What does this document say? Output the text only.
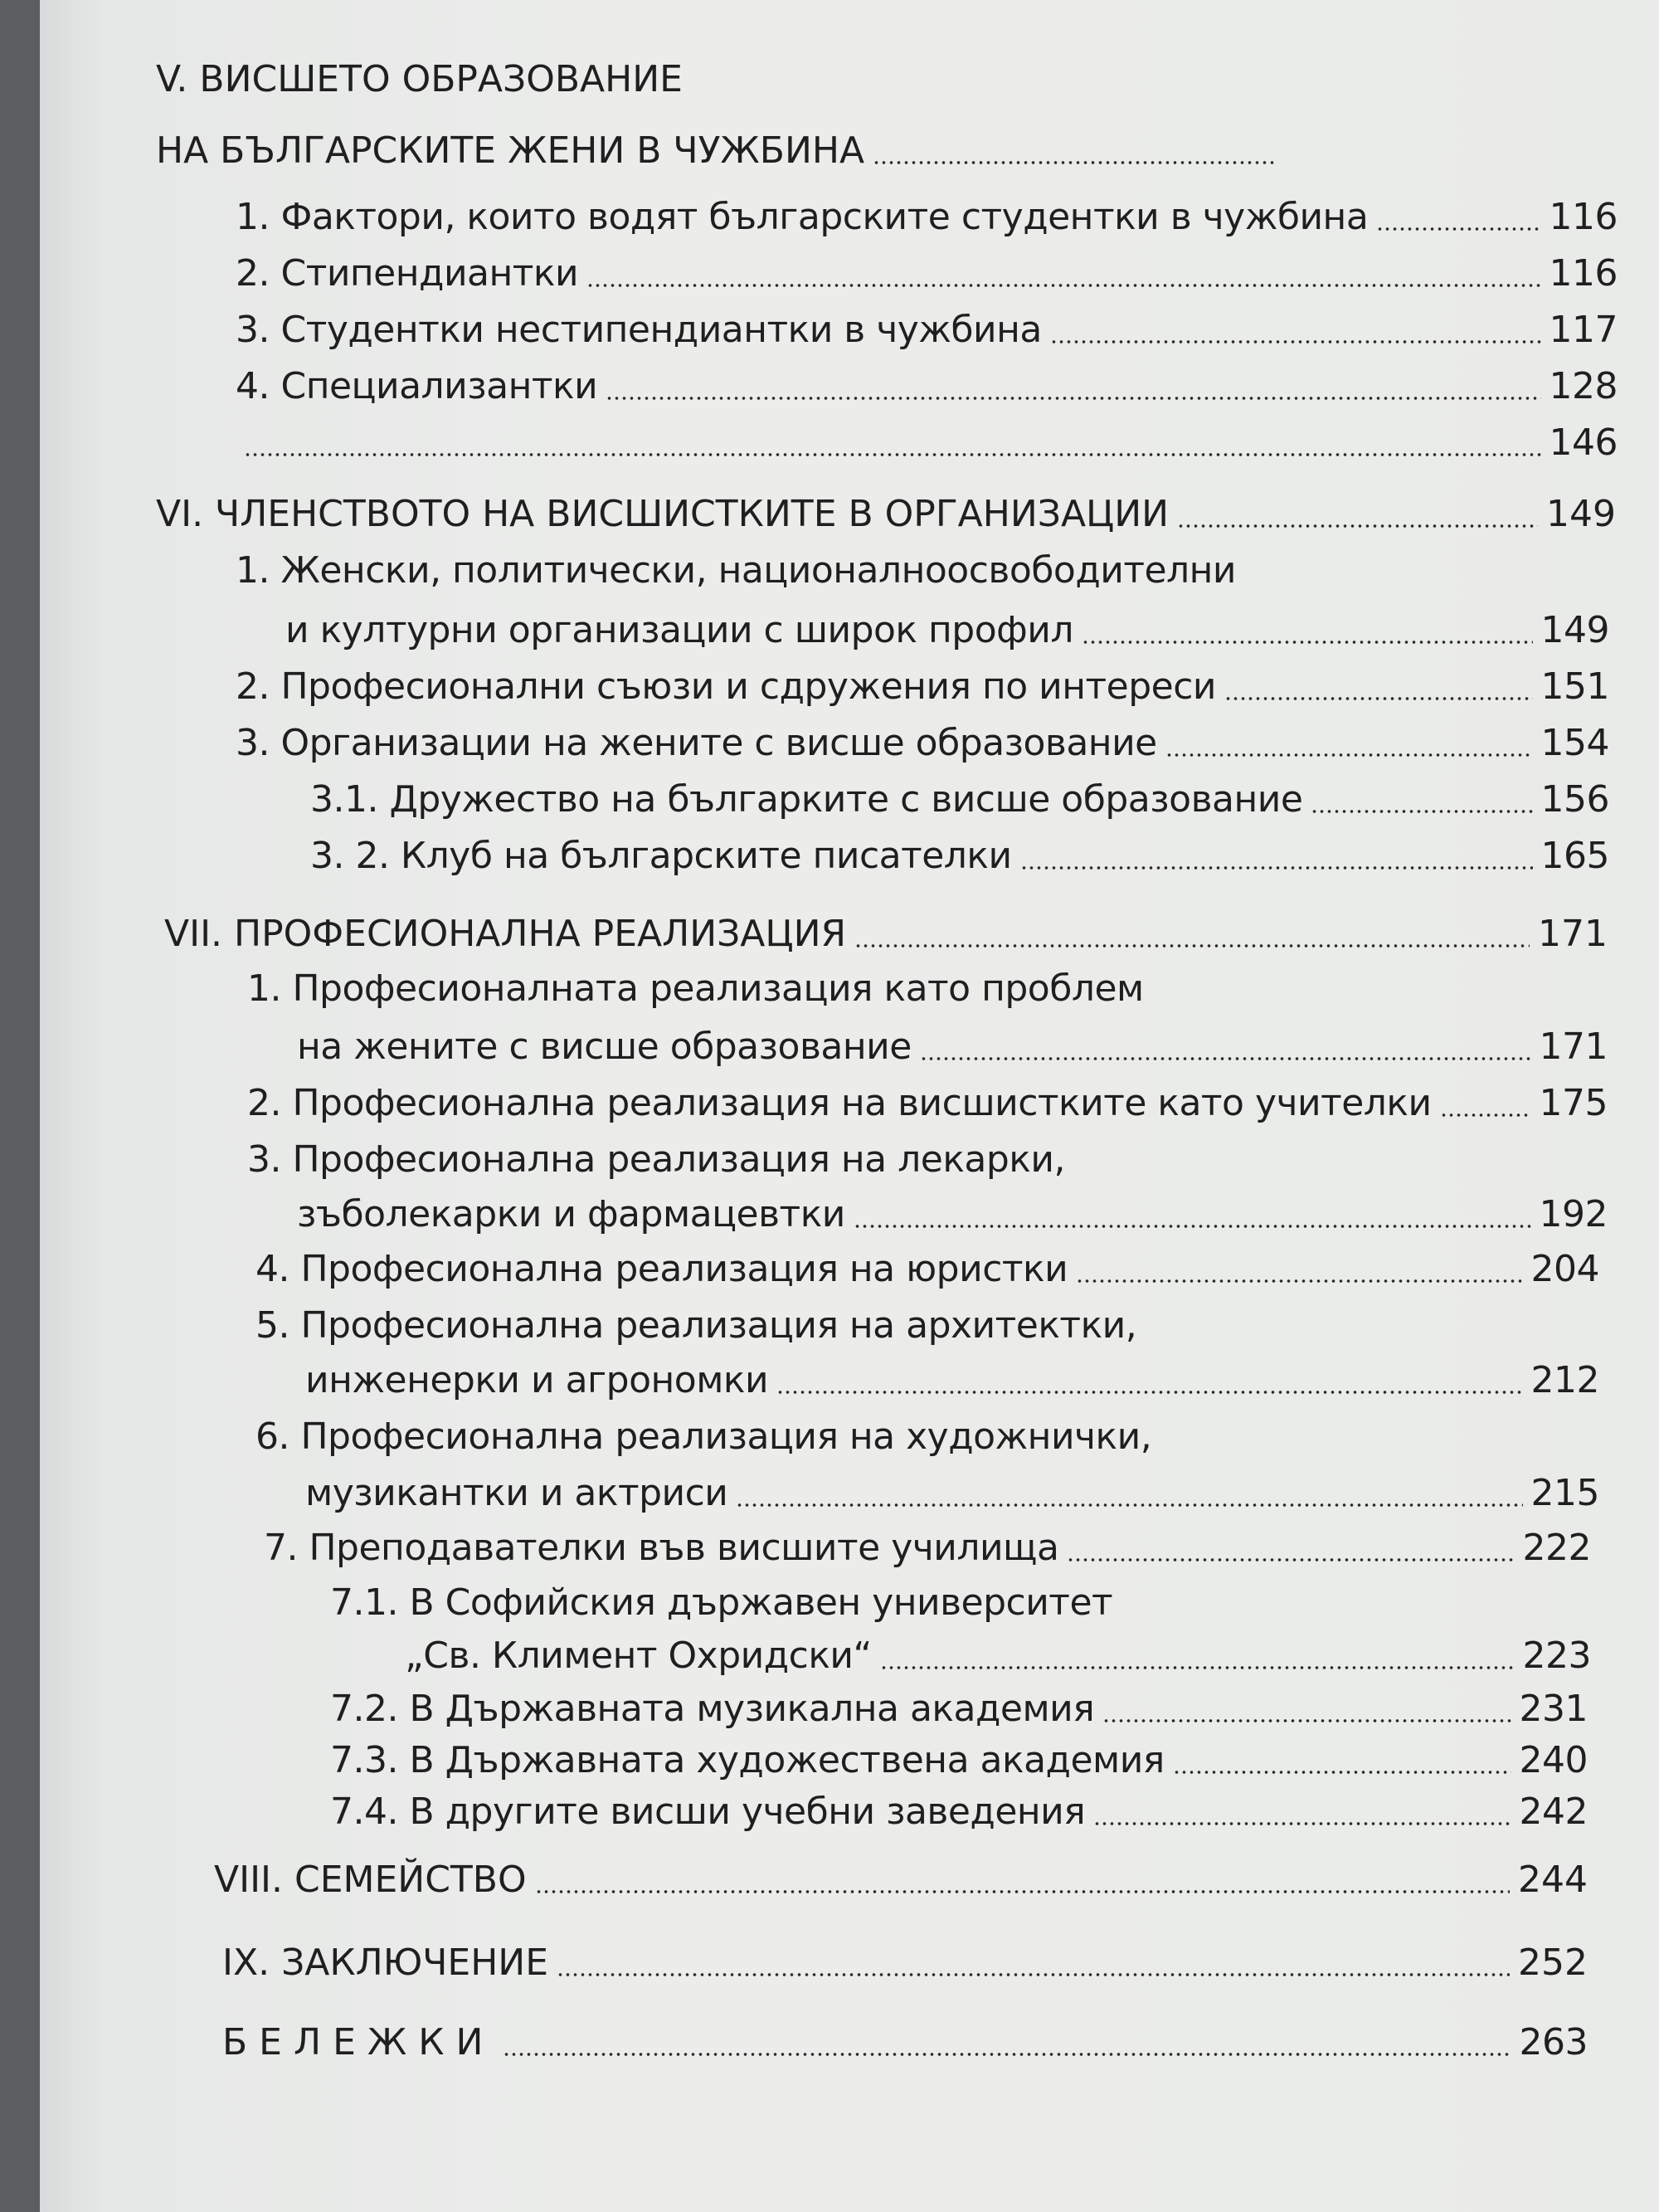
V. ВИСШЕТО ОБРАЗОВАНИЕ
НА БЪЛГАРСКИТЕ ЖЕНИ В ЧУЖБИНА
1. Фактори, които водят българските студентки в чужбина	116
2. Стипендиантки	116
3. Студентки нестипендиантки в чужбина	117
4. Специализантки	128
146
VI. ЧЛЕНСТВОТО НА ВИСШИСТКИТЕ В ОРГАНИЗАЦИИ	149
1. Женски, политически, националноосвободителни
и културни организации с широк профил	149
2. Професионални съюзи и сдружения по интереси	151
3. Организации на жените с висше образование	154
3.1. Дружество на българките с висше образование	156
3. 2. Клуб на българските писателки	165
VII. ПРОФЕСИОНАЛНА РЕАЛИЗАЦИЯ	171
1. Професионалната реализация като проблем
на жените с висше образование	171
2. Професионална реализация на висшистките като учителки	175
3. Професионална реализация на лекарки,
зъболекарки и фармацевтки	192
4. Професионална реализация на юристки	204
5. Професионална реализация на архитектки,
инженерки и агрономки	212
6. Професионална реализация на художнички,
музикантки и актриси	215
7. Преподавателки във висшите училища	222
7.1. В Софийския държавен университет
„Св. Климент Охридски“	223
7.2. В Държавната музикална академия	231
7.3. В Държавната художествена академия	240
7.4. В другите висши учебни заведения	242
VIII. СЕМЕЙСТВО	244
IX. ЗАКЛЮЧЕНИЕ	252
БЕЛЕЖКИ	263
